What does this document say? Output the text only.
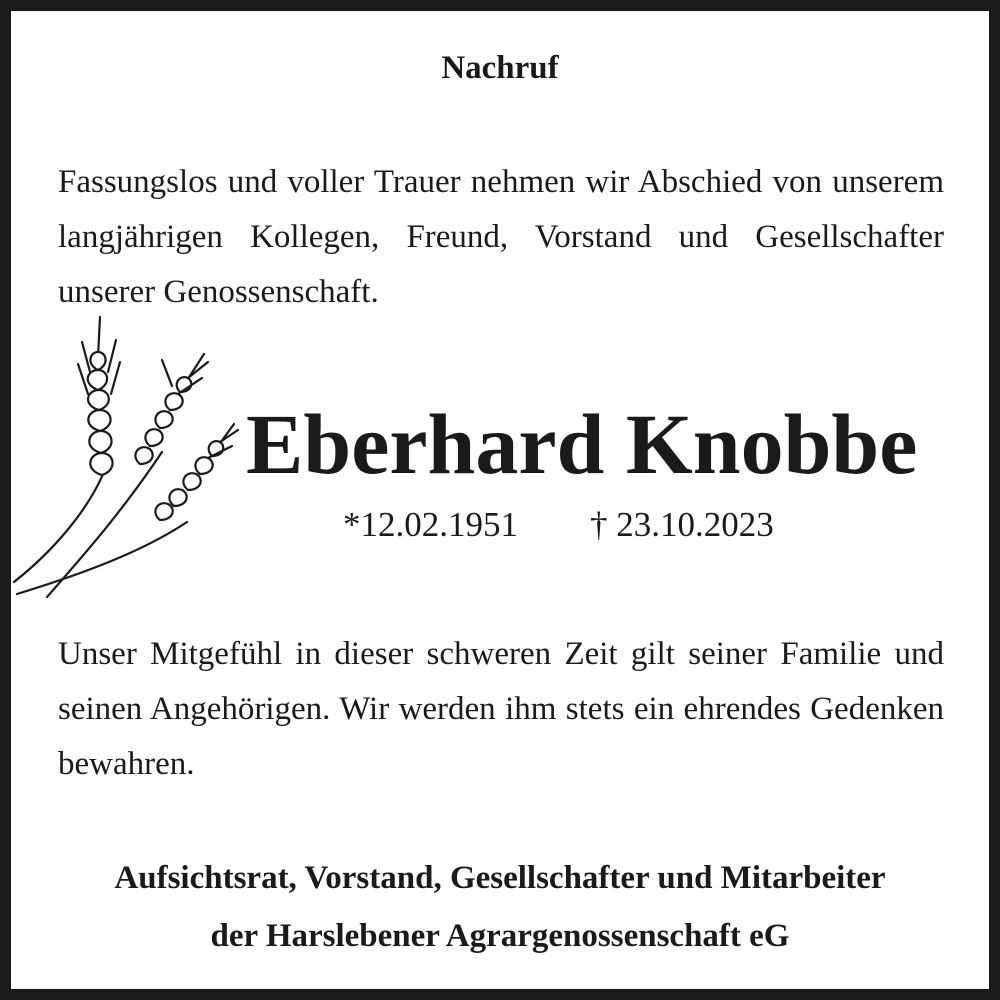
Nachruf
Fassungslos und voller Trauer nehmen wir Abschied von unserem langjährigen Kollegen, Freund, Vorstand und Gesellschafter unserer Genossenschaft.
Eberhard Knobbe
*12.02.1951 † 23.10.2023
Unser Mitgefühl in dieser schweren Zeit gilt seiner Familie und seinen Angehörigen. Wir werden ihm stets ein ehrendes Gedenken bewahren.
Aufsichtsrat, Vorstand, Gesellschafter und Mitarbeiter
der Harslebener Agrargenossenschaft eG
